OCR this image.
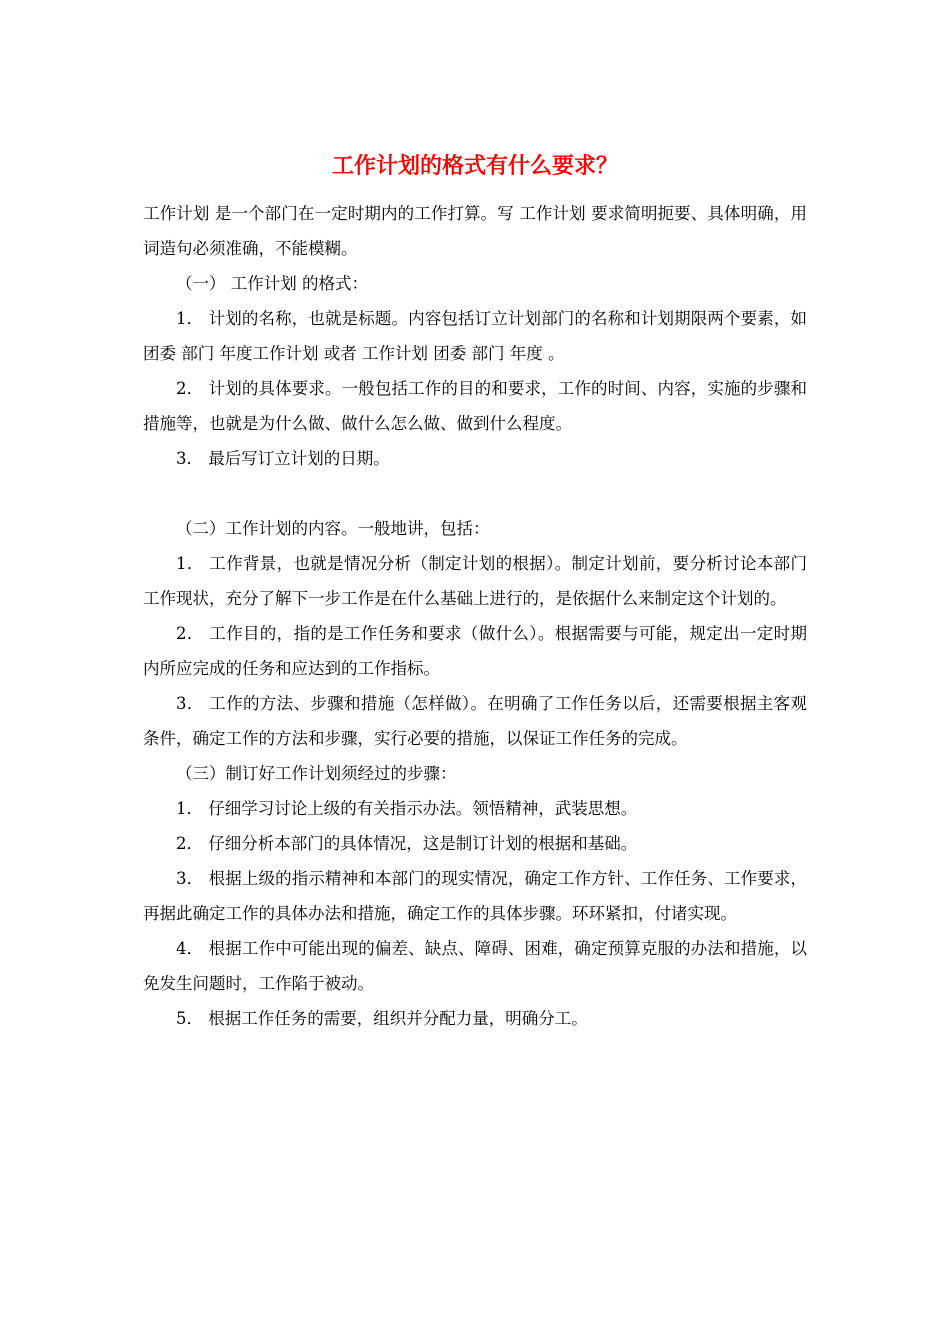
工作计划的格式有什么要求？

工作计划 是一个部门在一定时期内的工作打算。写 工作计划 要求简明扼要、具体明确，用词造句必须准确，不能模糊。

（一） 工作计划 的格式：

1． 计划的名称，也就是标题。内容包括订立计划部门的名称和计划期限两个要素，如 团委 部门 年度工作计划 或者 工作计划 团委 部门 年度 。

2． 计划的具体要求。一般包括工作的目的和要求，工作的时间、内容，实施的步骤和措施等，也就是为什么做、做什么怎么做、做到什么程度。

3． 最后写订立计划的日期。

（二）工作计划的内容。一般地讲，包括：

1． 工作背景，也就是情况分析（制定计划的根据）。制定计划前，要分析讨论本部门工作现状，充分了解下一步工作是在什么基础上进行的，是依据什么来制定这个计划的。

2． 工作目的，指的是工作任务和要求（做什么）。根据需要与可能，规定出一定时期内所应完成的任务和应达到的工作指标。

3． 工作的方法、步骤和措施（怎样做）。在明确了工作任务以后，还需要根据主客观条件，确定工作的方法和步骤，实行必要的措施，以保证工作任务的完成。

（三）制订好工作计划须经过的步骤：

1． 仔细学习讨论上级的有关指示办法。领悟精神，武装思想。

2． 仔细分析本部门的具体情况，这是制订计划的根据和基础。

3． 根据上级的指示精神和本部门的现实情况，确定工作方针、工作任务、工作要求，再据此确定工作的具体办法和措施，确定工作的具体步骤。环环紧扣，付诸实现。

4． 根据工作中可能出现的偏差、缺点、障碍、困难，确定预算克服的办法和措施，以免发生问题时，工作陷于被动。

5． 根据工作任务的需要，组织并分配力量，明确分工。
